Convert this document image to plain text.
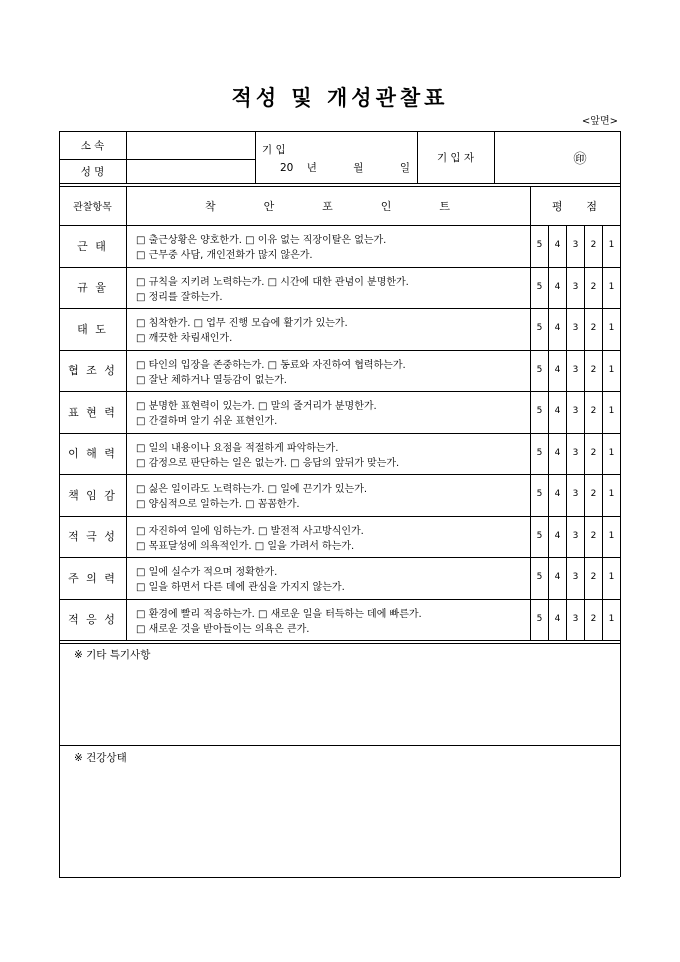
적성 및 개성관찰표
<앞면>
소 속
성 명
기 입
20    년	월	일
기 입 자	㊞
관찰항목	착	안	포	인	트	평 점
근 태	□ 출근상황은 양호한가. □ 이유 없는 직장이탈은 없는가.
□ 근무중 사담, 개인전화가 많지 않은가.
5	4	3	2	1
규 율	□ 규칙을 지키려 노력하는가. □ 시간에 대한 관념이 분명한가.
□ 정리를 잘하는가.
5	4	3	2	1
태 도	□ 침착한가. □ 업무 진행 모습에 활기가 있는가.
□ 깨끗한 차림새인가.
5	4	3	2	1
협 조 성	□ 타인의 입장을 존중하는가. □ 동료와 자진하여 협력하는가.
□ 잘난 체하거나 열등감이 없는가.
5	4	3	2	1
표 현 력	□ 분명한 표현력이 있는가. □ 말의 줄거리가 분명한가.
□ 간결하며 알기 쉬운 표현인가.
5	4	3	2	1
이 해 력	□ 일의 내용이나 요점을 적절하게 파악하는가.
□ 감정으로 판단하는 일은 없는가. □ 응답의 앞뒤가 맞는가.
5	4	3	2	1
책 임 감	□ 싫은 일이라도 노력하는가. □ 일에 끈기가 있는가.
□ 양심적으로 일하는가. □ 꼼꼼한가.
5	4	3	2	1
적 극 성	□ 자진하여 일에 임하는가. □ 발전적 사고방식인가.
□ 목표달성에 의욕적인가. □ 일을 가려서 하는가.
5	4	3	2	1
주 의 력	□ 일에 실수가 적으며 정확한가.
□ 일을 하면서 다른 데에 관심을 가지지 않는가.
5	4	3	2	1
적 응 성	□ 환경에 빨리 적응하는가. □ 새로운 일을 터득하는 데에 빠른가.
□ 새로운 것을 받아들이는 의욕은 큰가.
5	4	3	2	1
※ 기타 특기사항
※ 건강상태
